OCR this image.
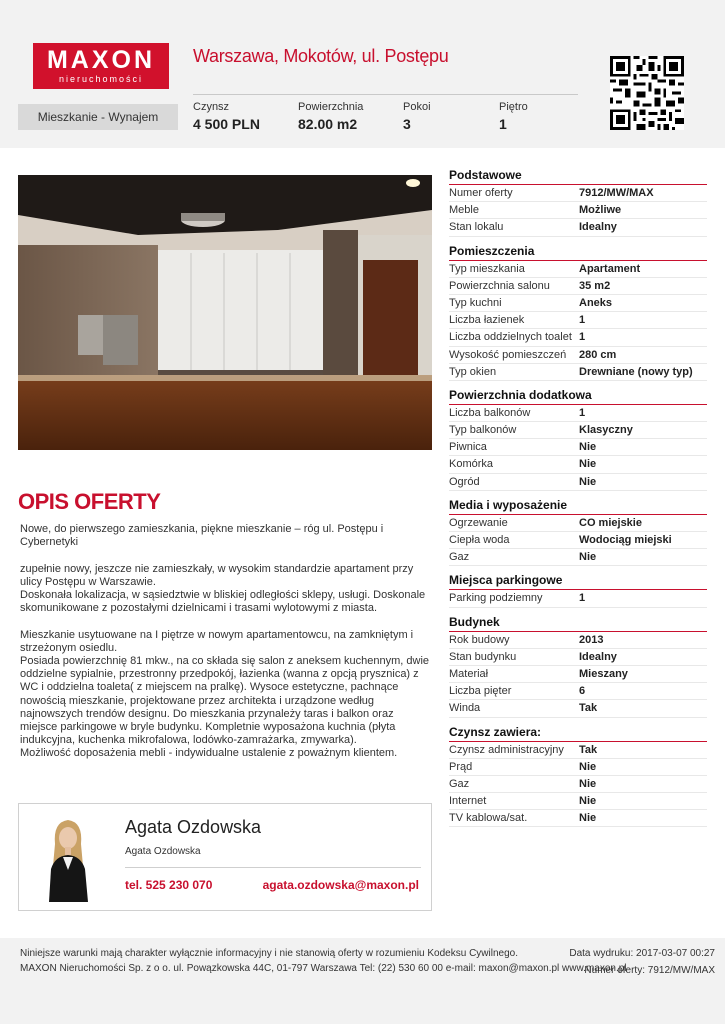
MAXON
nieruchomości
Warszawa, Mokotów, ul. Postępu
Mieszkanie - Wynajem
Czynsz
4 500 PLN
Powierzchnia
82.00 m2
Pokoi
3
Piętro
1
OPIS OFERTY
Nowe, do pierwszego zamieszkania, piękne mieszkanie – róg ul. Postępu i Cybernetyki

zupełnie nowy, jeszcze nie zamieszkały, w wysokim standardzie apartament przy ulicy Postępu w Warszawie.
Doskonała lokalizacja, w sąsiedztwie w bliskiej odległości sklepy, usługi. Doskonale skomunikowane z pozostałymi dzielnicami i trasami wylotowymi z miasta.

Mieszkanie usytuowane na I piętrze w nowym apartamentowcu, na zamkniętym i strzeżonym osiedlu.
Posiada powierzchnię 81 mkw., na co składa się salon z aneksem kuchennym, dwie oddzielne sypialnie, przestronny przedpokój, łazienka (wanna z opcją prysznica) z WC i oddzielna toaleta( z miejscem na pralkę). Wysoce estetyczne, pachnące nowością mieszkanie, projektowane przez architekta i urządzone według najnowszych trendów designu. Do mieszkania przynależy taras i balkon oraz miejsce parkingowe w bryle budynku. Kompletnie wyposażona kuchnia (płyta indukcyjna, kuchenka mikrofalowa, lodówko-zamrażarka, zmywarka).
Możliwość doposażenia mebli - indywidualne ustalenie z poważnym klientem.
Agata Ozdowska
Agata Ozdowska
tel. 525 230 070	agata.ozdowska@maxon.pl
Podstawowe
Numer oferty	7912/MW/MAX
Meble	Możliwe
Stan lokalu	Idealny
Pomieszczenia
Typ mieszkania	Apartament
Powierzchnia salonu	35 m2
Typ kuchni	Aneks
Liczba łazienek	1
Liczba oddzielnych toalet 1
Wysokość pomieszczeń	280 cm
Typ okien	Drewniane (nowy typ)
Powierzchnia dodatkowa
Liczba balkonów	1
Typ balkonów	Klasyczny
Piwnica	Nie
Komórka	Nie
Ogród	Nie
Media i wyposażenie
Ogrzewanie	CO miejskie
Ciepła woda	Wodociąg miejski
Gaz	Nie
Miejsca parkingowe
Parking podziemny	1
Budynek
Rok budowy	2013
Stan budynku	Idealny
Materiał	Mieszany
Liczba pięter	6
Winda	Tak
Czynsz zawiera:
Czynsz administracyjny	Tak
Prąd	Nie
Gaz	Nie
Internet	Nie
TV kablowa/sat.	Nie
Niniejsze warunki mają charakter wyłącznie informacyjny i nie stanowią oferty w rozumieniu Kodeksu Cywilnego.
MAXON Nieruchomości Sp. z o o. ul. Powązkowska 44C, 01-797 Warszawa Tel: (22) 530 60 00 e-mail: maxon@maxon.pl www.maxon.pl
Data wydruku: 2017-03-07 00:27
Numer oferty: 7912/MW/MAX
